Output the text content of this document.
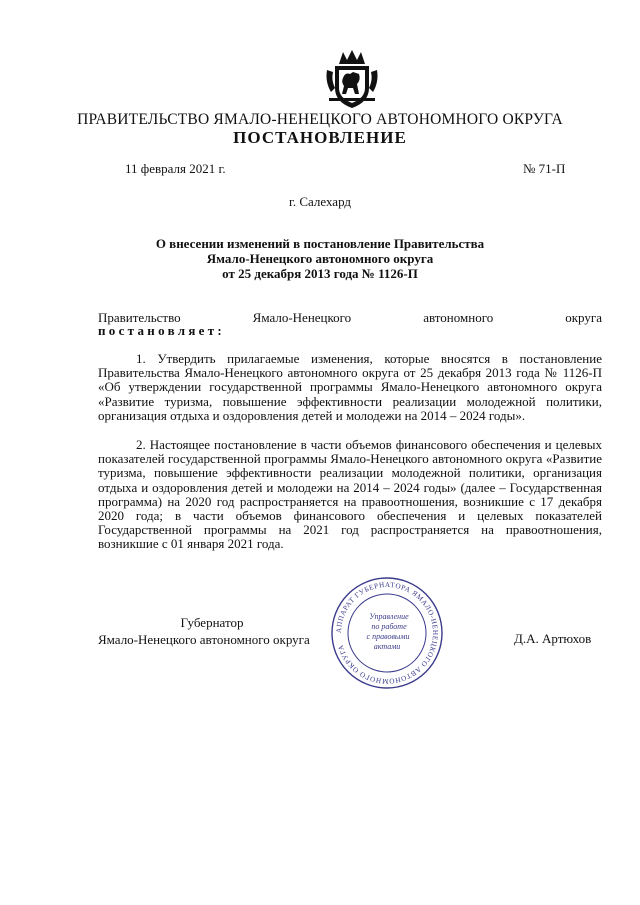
ПРАВИТЕЛЬСТВО ЯМАЛО-НЕНЕЦКОГО АВТОНОМНОГО ОКРУГА
ПОСТАНОВЛЕНИЕ
11 февраля 2021 г.	№ 71-П
г. Салехард
О внесении изменений в постановление Правительства
Ямало-Ненецкого автономного округа
от 25 декабря 2013 года № 1126-П
Правительство	Ямало-Ненецкого	автономного	округа
постановляет:
1. Утвердить прилагаемые изменения, которые вносятся в постановление Правительства Ямало-Ненецкого автономного округа от 25 декабря 2013 года № 1126-П «Об утверждении государственной программы Ямало-Ненецкого автономного округа «Развитие туризма, повышение эффективности реализации молодежной политики, организация отдыха и оздоровления детей и молодежи на 2014 – 2024 годы».
2. Настоящее постановление в части объемов финансового обеспечения и целевых показателей государственной программы Ямало-Ненецкого автономного округа «Развитие туризма, повышение эффективности реализации молодежной политики, организация отдыха и оздоровления детей и молодежи на 2014 – 2024 годы» (далее – Государственная программа) на 2020 год распространяется на правоотношения, возникшие с 17 декабря 2020 года; в части объемов финансового обеспечения и целевых показателей Государственной программы на 2021 год распространяется на правоотношения, возникшие с 01 января 2021 года.
Губернатор
Ямало-Ненецкого автономного округа	Д.А. Артюхов
АППАРАТ ГУБЕРНАТОРА ЯМАЛО-НЕНЕЦКОГО АВТОНОМНОГО ОКРУГА
Управление
по работе
с правовыми
актами
